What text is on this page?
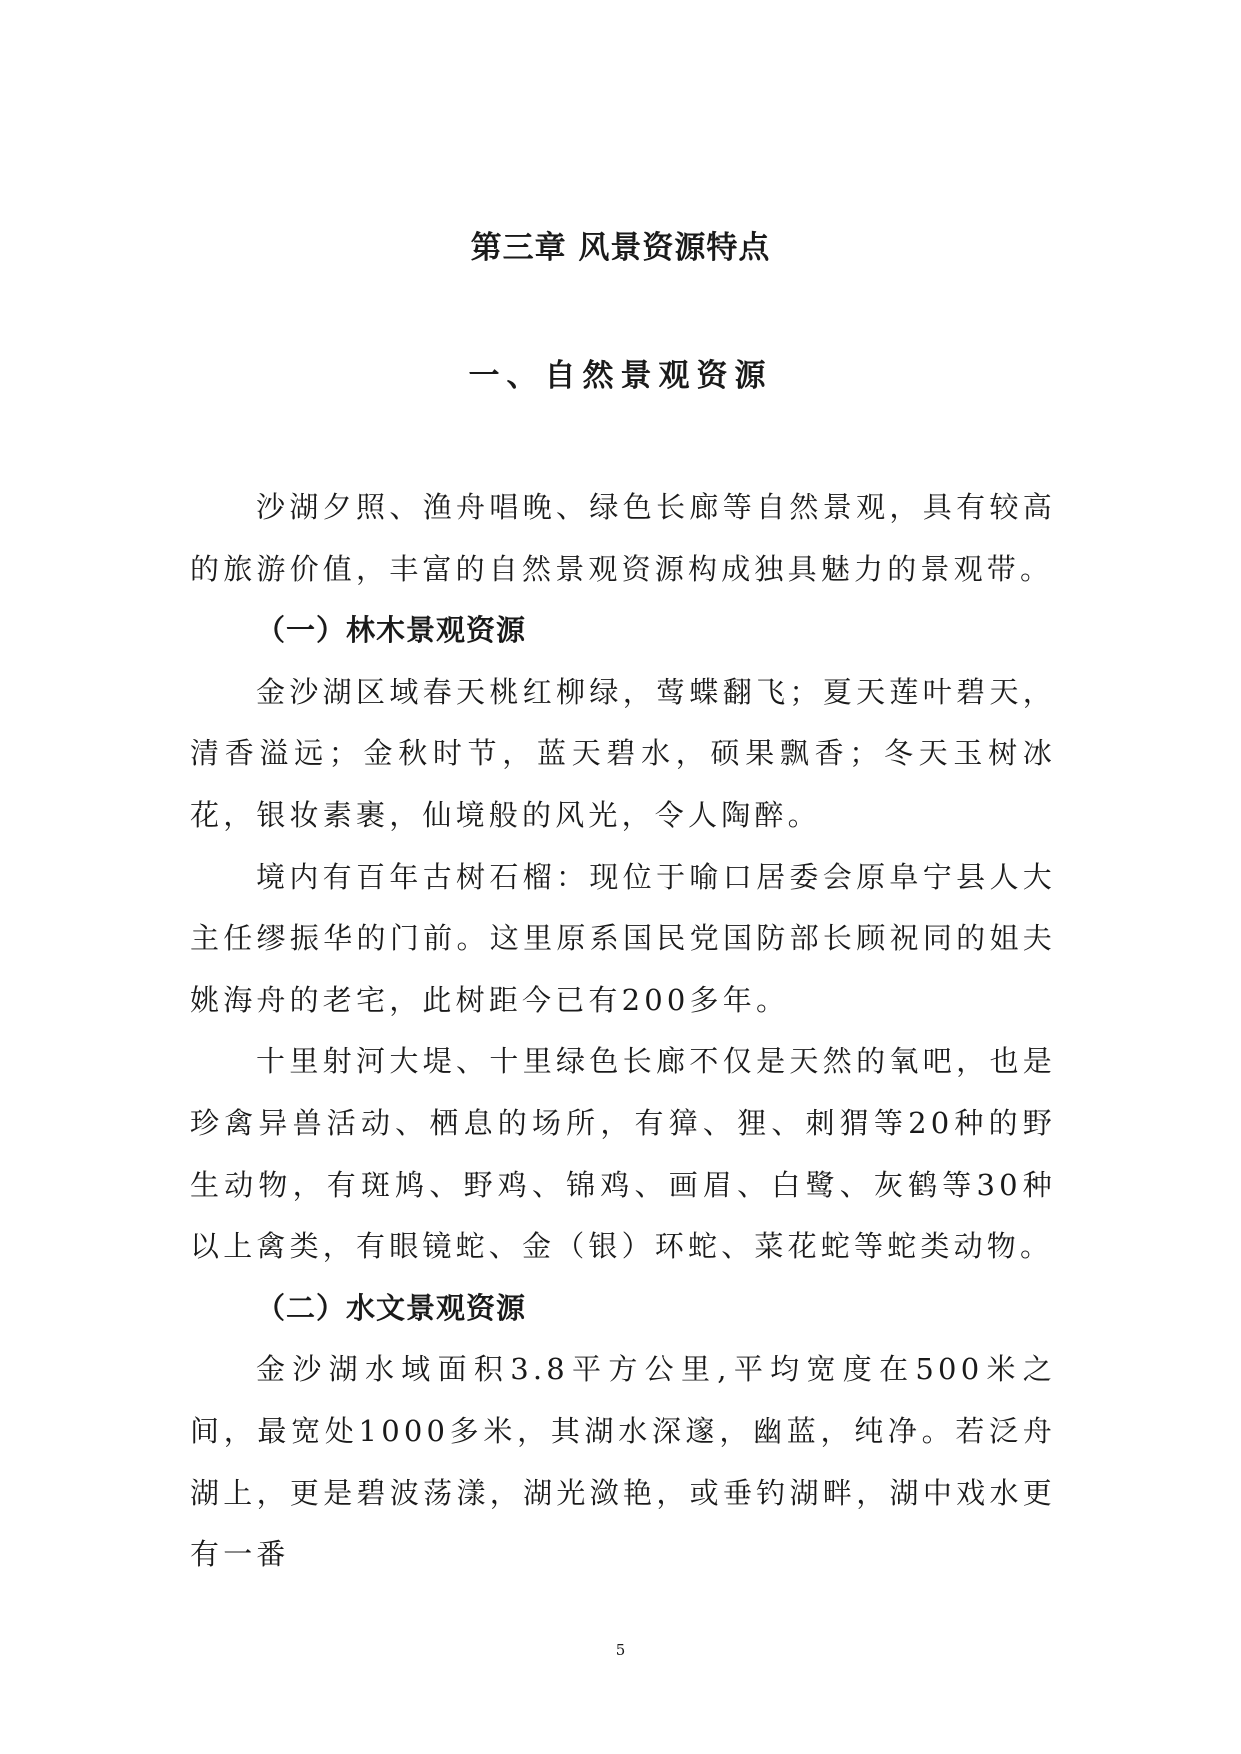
第三章 风景资源特点
一、自然景观资源

沙湖夕照、渔舟唱晚、绿色长廊等自然景观，具有较高的旅游价值，丰富的自然景观资源构成独具魅力的景观带。

（一）林木景观资源

金沙湖区域春天桃红柳绿，莺蝶翻飞；夏天莲叶碧天，清香溢远；金秋时节，蓝天碧水，硕果飘香；冬天玉树冰花，银妆素裹，仙境般的风光，令人陶醉。

境内有百年古树石榴：现位于喻口居委会原阜宁县人大主任缪振华的门前。这里原系国民党国防部长顾祝同的姐夫姚海舟的老宅，此树距今已有200多年。

十里射河大堤、十里绿色长廊不仅是天然的氧吧，也是珍禽异兽活动、栖息的场所，有獐、狸、刺猬等20种的野生动物，有斑鸠、野鸡、锦鸡、画眉、白鹭、灰鹤等30种以上禽类，有眼镜蛇、金（银）环蛇、菜花蛇等蛇类动物。

（二）水文景观资源

金沙湖水域面积3.8平方公里,平均宽度在500米之间，最宽处1000多米，其湖水深邃，幽蓝，纯净。若泛舟湖上，更是碧波荡漾，湖光潋艳，或垂钓湖畔，湖中戏水更有一番

5
